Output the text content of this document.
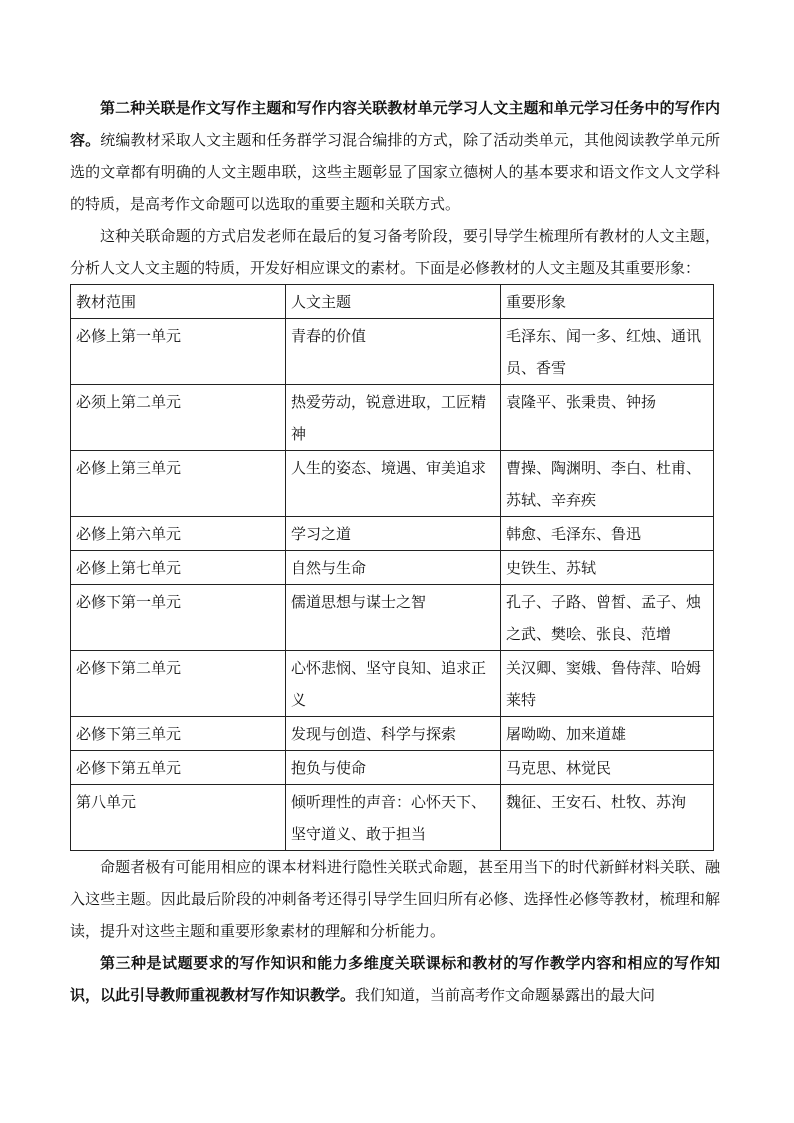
第二种关联是作文写作主题和写作内容关联教材单元学习人文主题和单元学习任务中的写作内容。统编教材采取人文主题和任务群学习混合编排的方式，除了活动类单元，其他阅读教学单元所选的文章都有明确的人文主题串联，这些主题彰显了国家立德树人的基本要求和语文作文人文学科的特质，是高考作文命题可以选取的重要主题和关联方式。

这种关联命题的方式启发老师在最后的复习备考阶段，要引导学生梳理所有教材的人文主题，分析人文人文主题的特质，开发好相应课文的素材。下面是必修教材的人文主题及其重要形象：

教材范围	人文主题	重要形象
必修上第一单元	青春的价值	毛泽东、闻一多、红烛、通讯员、香雪
必须上第二单元	热爱劳动，锐意进取，工匠精神	袁隆平、张秉贵、钟扬
必修上第三单元	人生的姿态、境遇、审美追求	曹操、陶渊明、李白、杜甫、苏轼、辛弃疾
必修上第六单元	学习之道	韩愈、毛泽东、鲁迅
必修上第七单元	自然与生命	史铁生、苏轼
必修下第一单元	儒道思想与谋士之智	孔子、子路、曾皙、孟子、烛之武、樊哙、张良、范增
必修下第二单元	心怀悲悯、坚守良知、追求正义	关汉卿、窦娥、鲁侍萍、哈姆莱特
必修下第三单元	发现与创造、科学与探索	屠呦呦、加来道雄
必修下第五单元	抱负与使命	马克思、林觉民
第八单元	倾听理性的声音：心怀天下、坚守道义、敢于担当	魏征、王安石、杜牧、苏洵

命题者极有可能用相应的课本材料进行隐性关联式命题，甚至用当下的时代新鲜材料关联、融入这些主题。因此最后阶段的冲刺备考还得引导学生回归所有必修、选择性必修等教材，梳理和解读，提升对这些主题和重要形象素材的理解和分析能力。

第三种是试题要求的写作知识和能力多维度关联课标和教材的写作教学内容和相应的写作知识，以此引导教师重视教材写作知识教学。我们知道，当前高考作文命题暴露出的最大问
